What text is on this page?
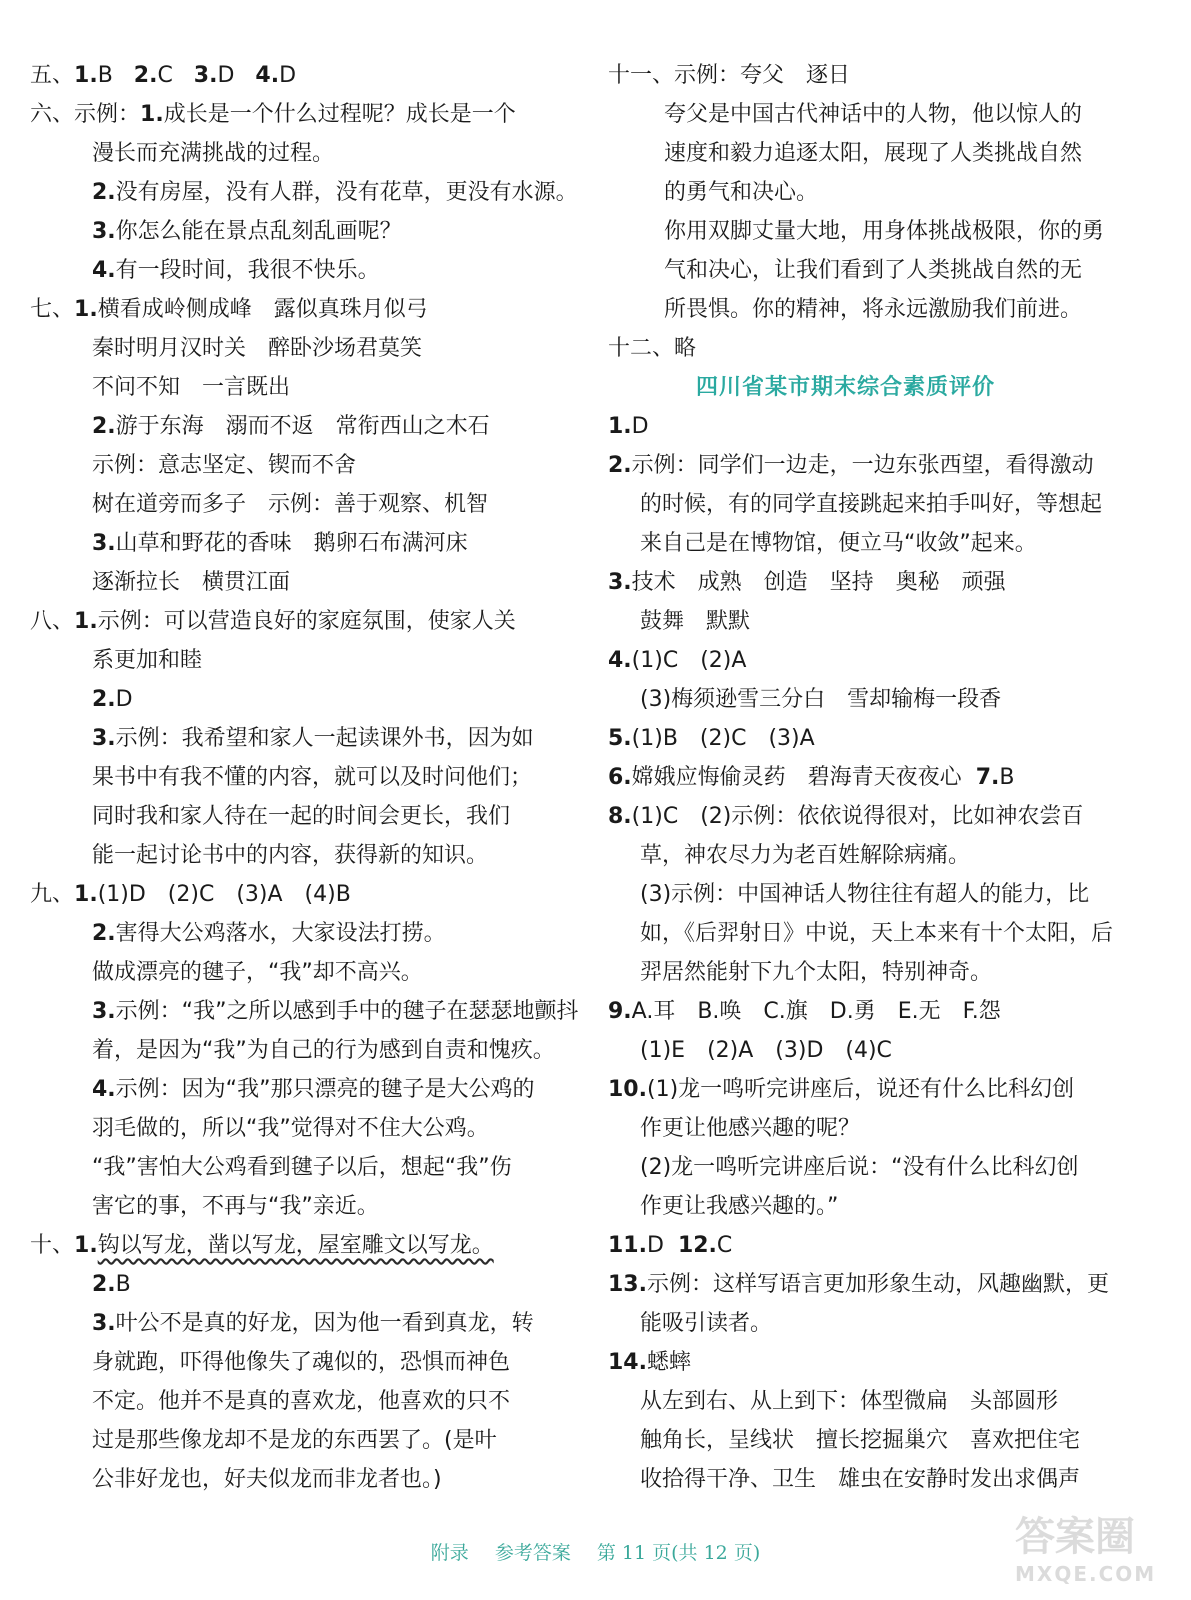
五、1.B 2.C 3.D 4.D
六、示例：1.成长是一个什么过程呢？成长是一个
漫长而充满挑战的过程。
2.没有房屋，没有人群，没有花草，更没有水源。
3.你怎么能在景点乱刻乱画呢？
4.有一段时间，我很不快乐。
七、1.横看成岭侧成峰　露似真珠月似弓
秦时明月汉时关　醉卧沙场君莫笑
不问不知　一言既出
2.游于东海　溺而不返　常衔西山之木石
示例：意志坚定、锲而不舍
树在道旁而多子　示例：善于观察、机智
3.山草和野花的香味　鹅卵石布满河床
逐渐拉长　横贯江面
八、1.示例：可以营造良好的家庭氛围，使家人关
系更加和睦
2.D
3.示例：我希望和家人一起读课外书，因为如
果书中有我不懂的内容，就可以及时问他们；
同时我和家人待在一起的时间会更长，我们
能一起讨论书中的内容，获得新的知识。
九、1.(1)D　(2)C　(3)A　(4)B
2.害得大公鸡落水，大家设法打捞。
做成漂亮的毽子，“我”却不高兴。
3.示例：“我”之所以感到手中的毽子在瑟瑟地颤抖
着，是因为“我”为自己的行为感到自责和愧疚。
4.示例：因为“我”那只漂亮的毽子是大公鸡的
羽毛做的，所以“我”觉得对不住大公鸡。
“我”害怕大公鸡看到毽子以后，想起“我”伤
害它的事，不再与“我”亲近。
十、1.钩以写龙，凿以写龙，屋室雕文以写龙。
2.B
3.叶公不是真的好龙，因为他一看到真龙，转
身就跑，吓得他像失了魂似的，恐惧而神色
不定。他并不是真的喜欢龙，他喜欢的只不
过是那些像龙却不是龙的东西罢了。(是叶
公非好龙也，好夫似龙而非龙者也。)
十一、示例：夸父　逐日
夸父是中国古代神话中的人物，他以惊人的
速度和毅力追逐太阳，展现了人类挑战自然
的勇气和决心。
你用双脚丈量大地，用身体挑战极限，你的勇
气和决心，让我们看到了人类挑战自然的无
所畏惧。你的精神，将永远激励我们前进。
十二、略
四川省某市期末综合素质评价
1.D
2.示例：同学们一边走，一边东张西望，看得激动
的时候，有的同学直接跳起来拍手叫好，等想起
来自己是在博物馆，便立马“收敛”起来。
3.技术　成熟　创造　坚持　奥秘　顽强
鼓舞　默默
4.(1)C　(2)A
(3)梅须逊雪三分白　雪却输梅一段香
5.(1)B　(2)C　(3)A
6.嫦娥应悔偷灵药　碧海青天夜夜心 7.B
8.(1)C　(2)示例：依依说得很对，比如神农尝百
草，神农尽力为老百姓解除病痛。
(3)示例：中国神话人物往往有超人的能力，比
如，《后羿射日》中说，天上本来有十个太阳，后
羿居然能射下九个太阳，特别神奇。
9.A.耳　B.唤　C.旗　D.勇　E.无　F.怨
(1)E　(2)A　(3)D　(4)C
10.(1)龙一鸣听完讲座后，说还有什么比科幻创
作更让他感兴趣的呢？
(2)龙一鸣听完讲座后说：“没有什么比科幻创
作更让我感兴趣的。”
11.D 12.C
13.示例：这样写语言更加形象生动，风趣幽默，更
能吸引读者。
14.蟋蟀
从左到右、从上到下：体型微扁　头部圆形
触角长，呈线状　擅长挖掘巢穴　喜欢把住宅
收拾得干净、卫生　雄虫在安静时发出求偶声
附录 参考答案 第 11 页(共 12 页)	答案圈
MXQE.COM
